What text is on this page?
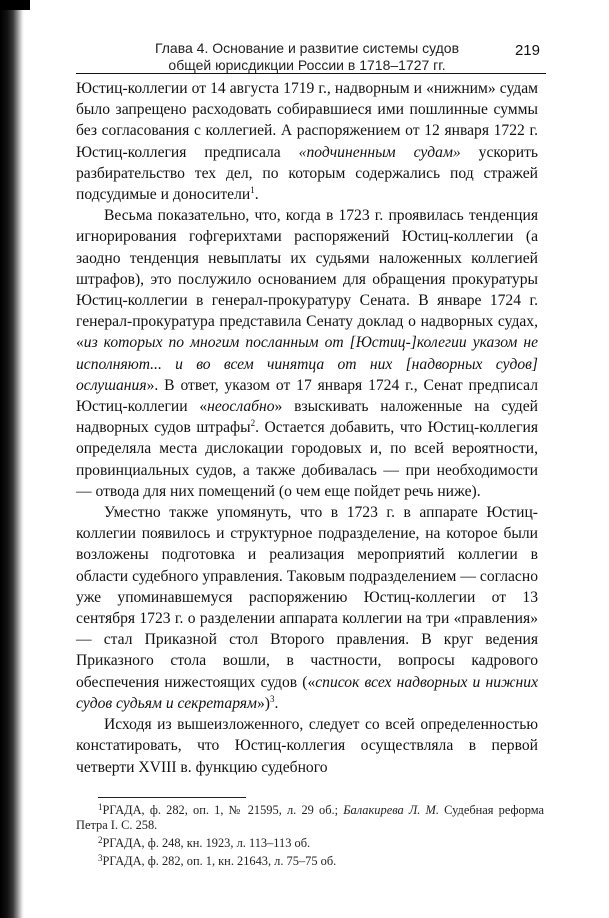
Глава 4. Основание и развитие системы судов
общей юрисдикции России в 1718–1727 гг.
219

Юстиц-коллегии от 14 августа 1719 г., надворным и «нижним» судам было запрещено расходовать собиравшиеся ими пошлинные суммы без согласования с коллегией. А распоряжением от 12 января 1722 г. Юстиц-коллегия предписала «подчиненным судам» ускорить разбирательство тех дел, по которым содержались под стражей подсудимые и доносители$^1$.

Весьма показательно, что, когда в 1723 г. проявилась тенденция игнорирования гофгерихтами распоряжений Юстиц-коллегии (а заодно тенденция невыплаты их судьями наложенных коллегией штрафов), это послужило основанием для обращения прокуратуры Юстиц-коллегии в генерал-прокуратуру Сената. В январе 1724 г. генерал-прокуратура представила Сенату доклад о надворных судах, «из которых по многим посланным от [Юстиц-]колегии указом не исполняют... и во всем чинятца от них [надворных судов] ослушания». В ответ, указом от 17 января 1724 г., Сенат предписал Юстиц-коллегии «неослабно» взыскивать наложенные на судей надворных судов штрафы$^2$. Остается добавить, что Юстиц-коллегия определяла места дислокации городовых и, по всей вероятности, провинциальных судов, а также добивалась — при необходимости — отвода для них помещений (о чем еще пойдет речь ниже).

Уместно также упомянуть, что в 1723 г. в аппарате Юстиц-коллегии появилось и структурное подразделение, на которое были возложены подготовка и реализация мероприятий коллегии в области судебного управления. Таковым подразделением — согласно уже упоминавшемуся распоряжению Юстиц-коллегии от 13 сентября 1723 г. о разделении аппарата коллегии на три «правления» — стал Приказной стол Второго правления. В круг ведения Приказного стола вошли, в частности, вопросы кадрового обеспечения нижестоящих судов («список всех надворных и нижних судов судьям и секретарям»)$^3$.

Исходя из вышеизложенного, следует со всей определенностью констатировать, что Юстиц-коллегия осуществляла в первой четверти XVIII в. функцию судебного

$^1$РГАДА, ф. 282, оп. 1, № 21595, л. 29 об.; Балакирева Л. М. Судебная реформа Петра I. С. 258.

$^2$РГАДА, ф. 248, кн. 1923, л. 113–113 об.

$^3$РГАДА, ф. 282, оп. 1, кн. 21643, л. 75–75 об.
